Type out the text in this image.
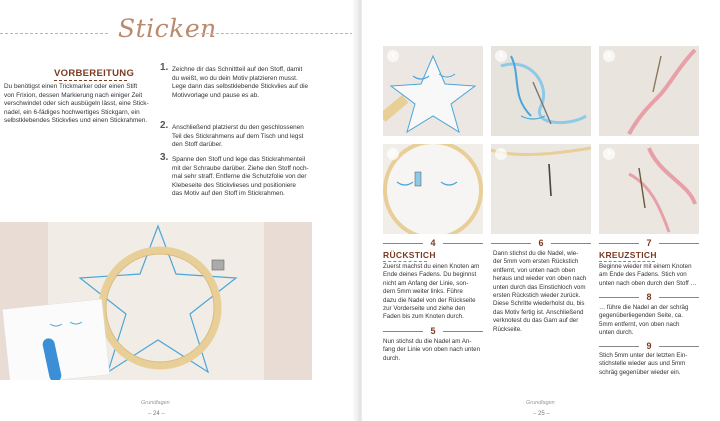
Sticken
VORBEREITUNG
Du benötigst einen Trickmarker oder einen Stift
von Frixion, dessen Markierung nach einiger Zeit
verschwindet oder sich ausbügeln lässt, eine Stick-
nadel, ein 6-fädiges hochwertiges Stickgarn, ein
selbstklebendes Stickvlies und einen Stickrahmen.
1. Zeichne dir das Schnittteil auf den Stoff, damit
du weißt, wo du dein Motiv platzieren musst.
Lege dann das selbstklebende Stickvlies auf die
Motivvorlage und pause es ab.
2. Anschließend platzierst du den geschlossenen
Teil des Stickrahmens auf dem Tisch und legst
den Stoff darüber.
3. Spanne den Stoff und lege das Stickrahmenteil
mit der Schraube darüber. Ziehe den Stoff noch-
mal sehr straff. Entferne die Schutzfolie von der
Klebeseite des Stickvlieses und positioniere
das Motiv auf den Stoff im Stickrahmen.
Grundlagen
– 24 –
4	6	8
5	7	9
4
RÜCKSTICH
Zuerst machst du einen Knoten am
Ende deines Fadens. Du beginnst
nicht am Anfang der Linie, son-
dern 5mm weiter links. Führe
dazu die Nadel von der Rückseite
zur Vorderseite und ziehe den
Faden bis zum Knoten durch.
5
Nun stichst du die Nadel am An-
fang der Linie von oben nach unten
durch.
6
Dann stichst du die Nadel, wie-
der 5mm vom ersten Rückstich
entfernt, von unten nach oben
heraus und wieder von oben nach
unten durch das Einstichloch vom
ersten Rückstich wieder zurück.
Diese Schritte wiederholst du, bis
das Motiv fertig ist. Anschließend
verknotest du das Garn auf der
Rückseite.
7
KREUZSTICH
Beginne wieder mit einem Knoten
am Ende des Fadens. Stich von
unten nach oben durch den Stoff …
8
… führe die Nadel an der schräg
gegenüberliegenden Seite, ca.
5mm entfernt, von oben nach
unten durch.
9
Stich 5mm unter der letzten Ein-
stichstelle wieder aus und 5mm
schräg gegenüber wieder ein.
Grundlagen
– 25 –
